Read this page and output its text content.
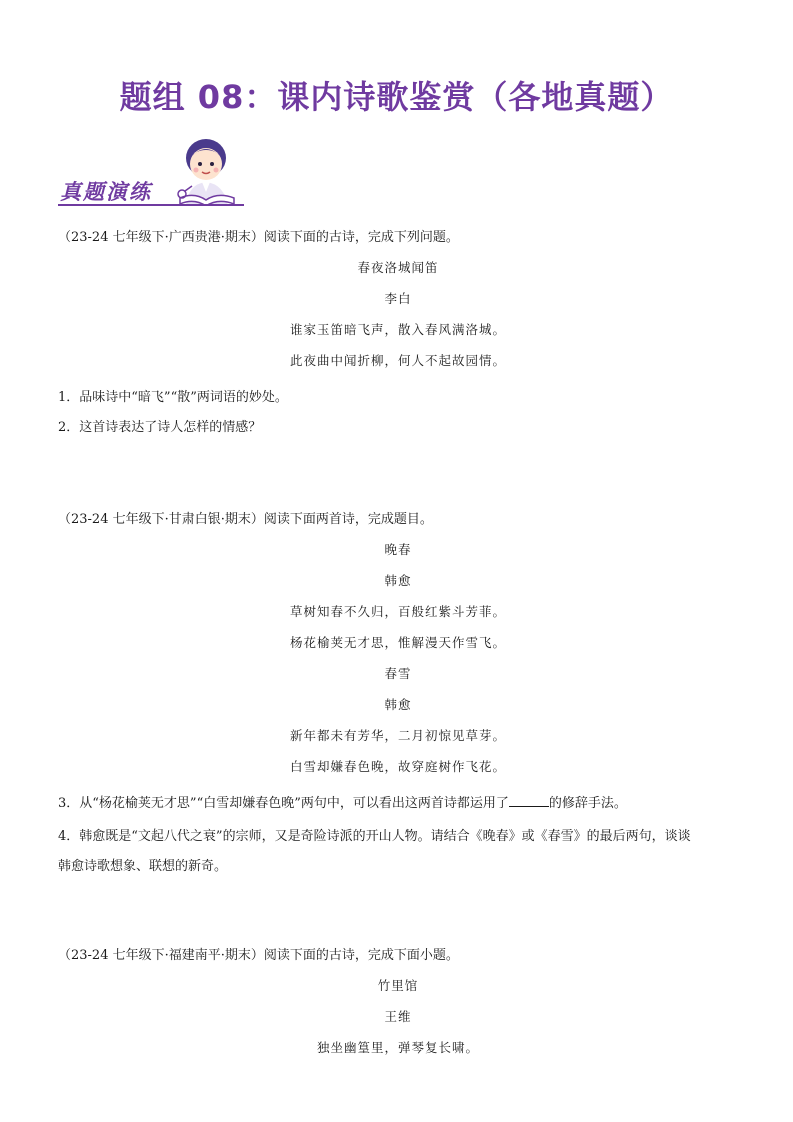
题组 08：课内诗歌鉴赏（各地真题）
真题演练
（23-24 七年级下·广西贵港·期末）阅读下面的古诗，完成下列问题。
春夜洛城闻笛
李白
谁家玉笛暗飞声，散入春风满洛城。
此夜曲中闻折柳，何人不起故园情。
1．品味诗中“暗飞”“散”两词语的妙处。
2．这首诗表达了诗人怎样的情感？
（23-24 七年级下·甘肃白银·期末）阅读下面两首诗，完成题目。
晚春
韩愈
草树知春不久归，百般红紫斗芳菲。
杨花榆荚无才思，惟解漫天作雪飞。
春雪
韩愈
新年都未有芳华，二月初惊见草芽。
白雪却嫌春色晚，故穿庭树作飞花。
3．从“杨花榆荚无才思”“白雪却嫌春色晚”两句中，可以看出这两首诗都运用了	的修辞手法。
4．韩愈既是“文起八代之衰”的宗师，又是奇险诗派的开山人物。请结合《晚春》或《春雪》的最后两句，谈谈
韩愈诗歌想象、联想的新奇。
（23-24 七年级下·福建南平·期末）阅读下面的古诗，完成下面小题。
竹里馆
王维
独坐幽篁里，弹琴复长啸。
